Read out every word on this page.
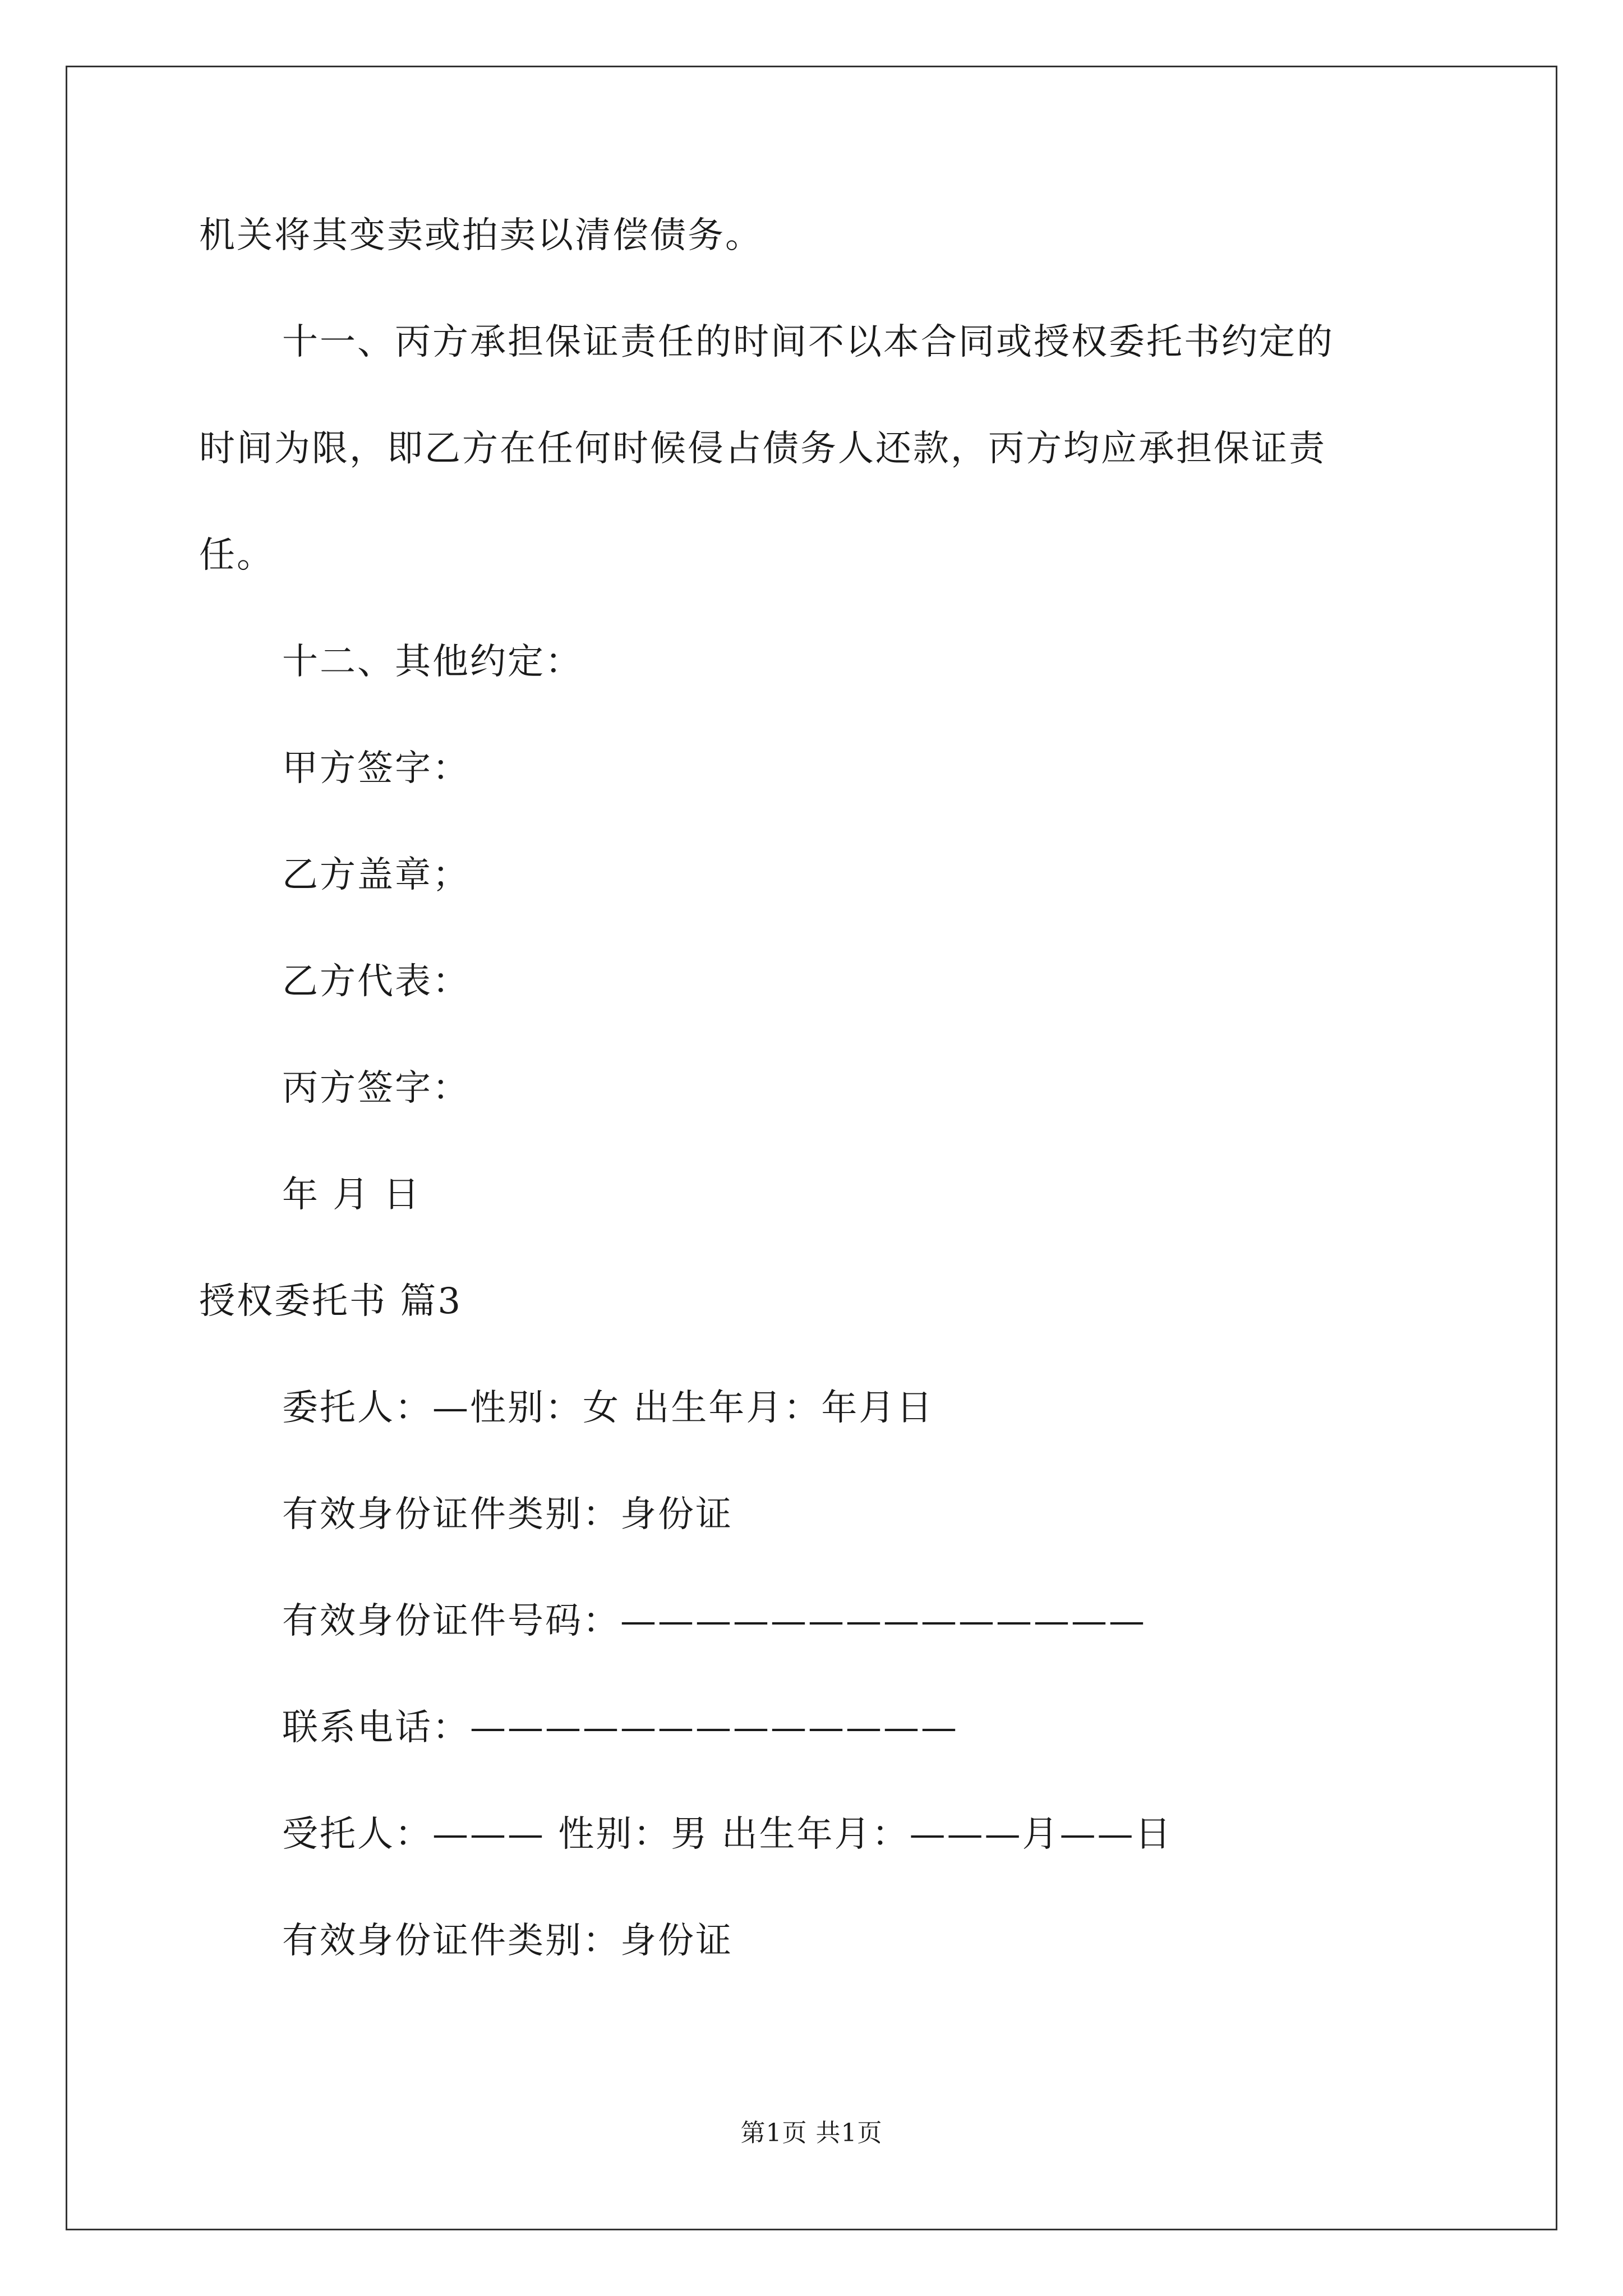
机关将其变卖或拍卖以清偿债务。
十一、丙方承担保证责任的时间不以本合同或授权委托书约定的
时间为限，即乙方在任何时候侵占债务人还款，丙方均应承担保证责
任。
十二、其他约定：
甲方签字：
乙方盖章；
乙方代表：
丙方签字：
年 月 日
授权委托书 篇3
委托人：—性别：女 出生年月：年月日
有效身份证件类别：身份证
有效身份证件号码：——————————————
联系电话：—————————————
受托人：——— 性别：男 出生年月：———月——日
有效身份证件类别：身份证
第1页 共1页
